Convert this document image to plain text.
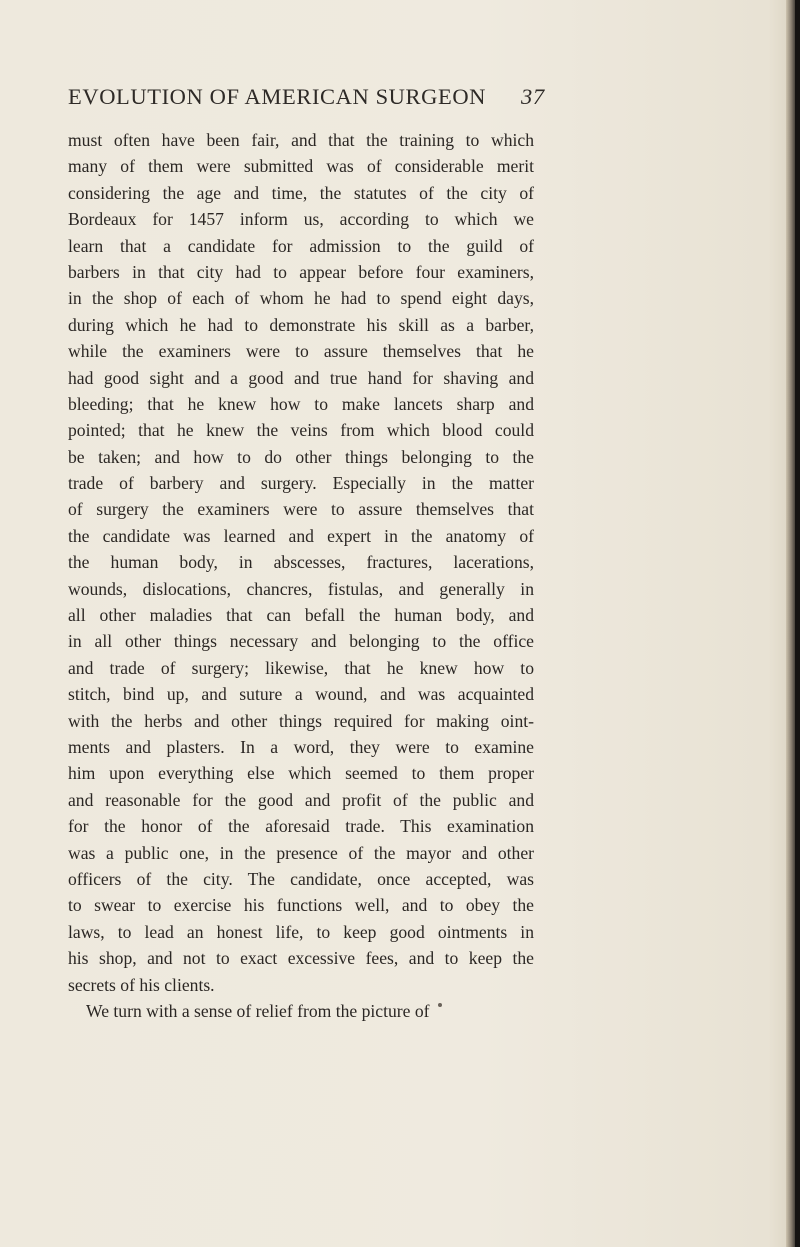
EVOLUTION OF AMERICAN SURGEON 37
must often have been fair, and that the training to which
many of them were submitted was of considerable merit
considering the age and time, the statutes of the city of
Bordeaux for 1457 inform us, according to which we
learn that a candidate for admission to the guild of
barbers in that city had to appear before four examiners,
in the shop of each of whom he had to spend eight days,
during which he had to demonstrate his skill as a barber,
while the examiners were to assure themselves that he
had good sight and a good and true hand for shaving and
bleeding; that he knew how to make lancets sharp and
pointed; that he knew the veins from which blood could
be taken; and how to do other things belonging to the
trade of barbery and surgery. Especially in the matter
of surgery the examiners were to assure themselves that
the candidate was learned and expert in the anatomy of
the human body, in abscesses, fractures, lacerations,
wounds, dislocations, chancres, fistulas, and generally in
all other maladies that can befall the human body, and
in all other things necessary and belonging to the office
and trade of surgery; likewise, that he knew how to
stitch, bind up, and suture a wound, and was acquainted
with the herbs and other things required for making oint-
ments and plasters. In a word, they were to examine
him upon everything else which seemed to them proper
and reasonable for the good and profit of the public and
for the honor of the aforesaid trade. This examination
was a public one, in the presence of the mayor and other
officers of the city. The candidate, once accepted, was
to swear to exercise his functions well, and to obey the
laws, to lead an honest life, to keep good ointments in
his shop, and not to exact excessive fees, and to keep the
secrets of his clients.
We turn with a sense of relief from the picture of
